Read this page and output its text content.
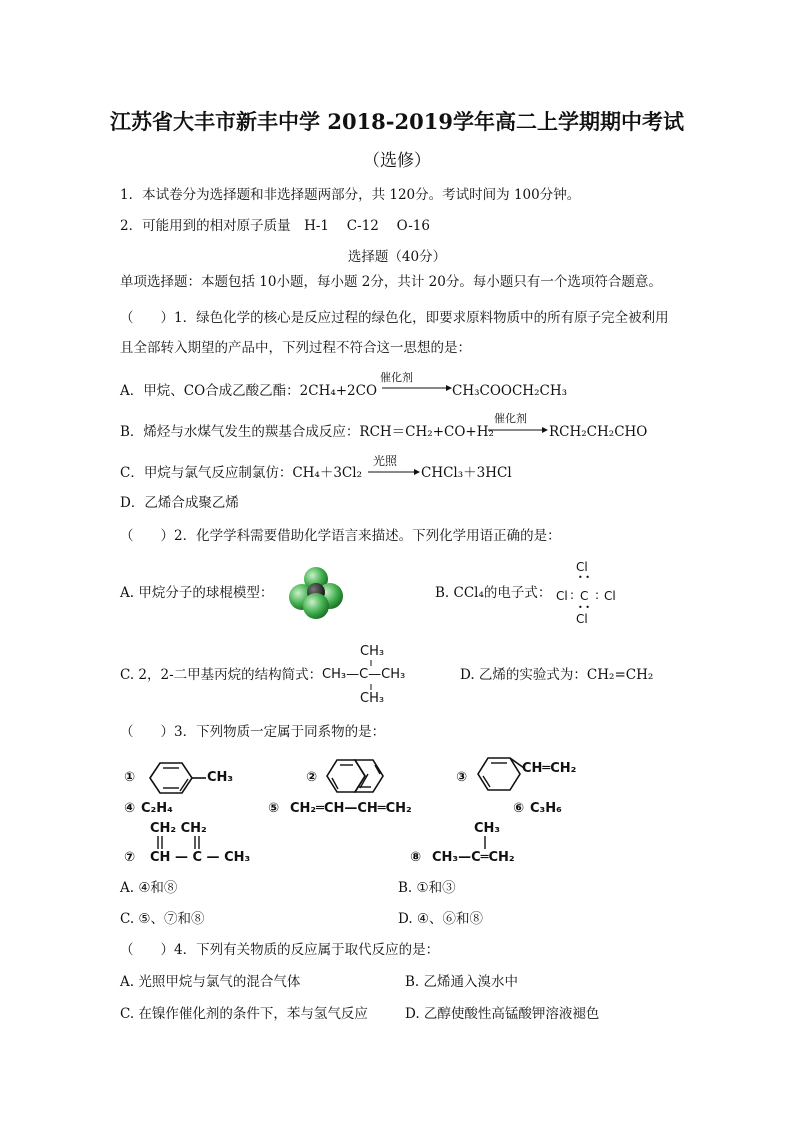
江苏省大丰市新丰中学 2018-2019学年高二上学期期中考试
（选修）
1．本试卷分为选择题和非选择题两部分，共 120分。考试时间为 100分钟。
2．可能用到的相对原子质量　H-1　 C-12　 O-16
选择题（40分）
单项选择题：本题包括 10小题，每小题 2分，共计 20分。每小题只有一个选项符合题意。
（　　）1．绿色化学的核心是反应过程的绿色化，即要求原料物质中的所有原子完全被利用
且全部转入期望的产品中，下列过程不符合这一思想的是：
A．甲烷、CO合成乙酸乙酯：2CH₄+2CO
催化剂
CH₃COOCH₂CH₃
B．烯烃与水煤气发生的羰基合成反应：RCH＝CH₂+CO+H₂
催化剂
RCH₂CH₂CHO
C．甲烷与氯气反应制氯仿：CH₄＋3Cl₂
光照
CHCl₃＋3HCl
D．乙烯合成聚乙烯
（　　）2．化学学科需要借助化学语言来描述。下列化学用语正确的是：
A. 甲烷分子的球棍模型：	B. CCl₄的电子式：
Cl
• •
Cl : C : Cl
• •
Cl
C. 2，2-二甲基丙烷的结构简式：
CH₃
CH₃—C—CH₃
CH₃
D. 乙烯的实验式为：CH₂=CH₂
（　　）3．下列物质一定属于同系物的是：
①	CH₃	②	③
CH═CH₂
④ C₂H₄	⑤ CH₂═CH—CH═CH₂	⑥ C₃H₆
CH₂ CH₂
⑦ CH — C — CH₃
CH₃
⑧ CH₃—C═CH₂
A. ④和⑧	B. ①和③
C. ⑤、⑦和⑧	D. ④、⑥和⑧
（　　）4．下列有关物质的反应属于取代反应的是：
A. 光照甲烷与氯气的混合气体	B. 乙烯通入溴水中
C. 在镍作催化剂的条件下，苯与氢气反应	D. 乙醇使酸性高锰酸钾溶液褪色
